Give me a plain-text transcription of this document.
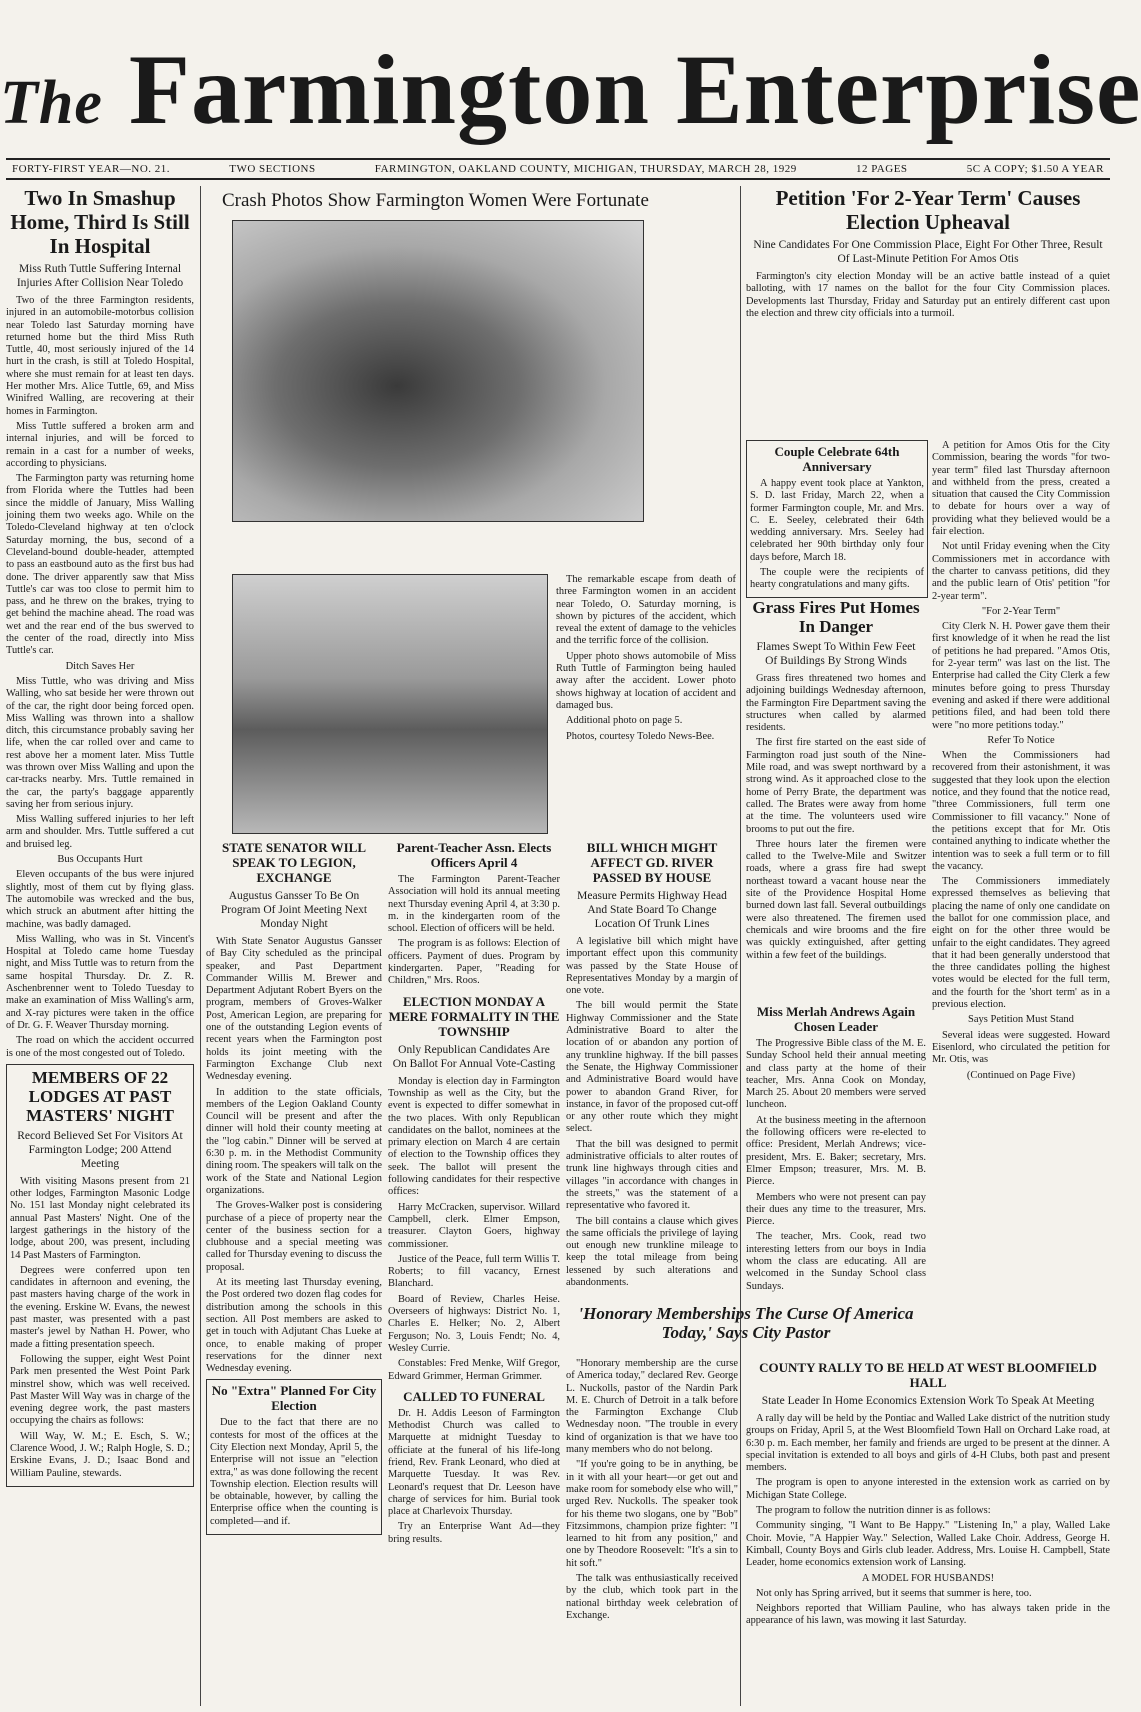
The Farmington Enterprise
FORTY-FIRST YEAR—NO. 21.	TWO SECTIONS	FARMINGTON, OAKLAND COUNTY, MICHIGAN, THURSDAY, MARCH 28, 1929	12 PAGES	5C A COPY; $1.50 A YEAR
Two In Smashup Home, Third Is Still In Hospital
Miss Ruth Tuttle Suffering Internal Injuries After Collision Near Toledo

Two of the three Farmington residents, injured in an automobile-motorbus collision near Toledo last Saturday morning have returned home but the third Miss Ruth Tuttle, 40, most seriously injured of the 14 hurt in the crash, is still at Toledo Hospital, where she must remain for at least ten days. Her mother Mrs. Alice Tuttle, 69, and Miss Winifred Walling, are recovering at their homes in Farmington.

Miss Tuttle suffered a broken arm and internal injuries, and will be forced to remain in a cast for a number of weeks, according to physicians.

The Farmington party was returning home from Florida where the Tuttles had been since the middle of January, Miss Walling joining them two weeks ago. While on the Toledo-Cleveland highway at ten o'clock Saturday morning, the bus, second of a Cleveland-bound double-header, attempted to pass an eastbound auto as the first bus had done. The driver apparently saw that Miss Tuttle's car was too close to permit him to pass, and he threw on the brakes, trying to get behind the machine ahead. The road was wet and the rear end of the bus swerved to the center of the road, directly into Miss Tuttle's car.

Ditch Saves Her

Miss Tuttle, who was driving and Miss Walling, who sat beside her were thrown out of the car, the right door being forced open. Miss Walling was thrown into a shallow ditch, this circumstance probably saving her life, when the car rolled over and came to rest above her a moment later. Miss Tuttle was thrown over Miss Walling and upon the car-tracks nearby. Mrs. Tuttle remained in the car, the party's baggage apparently saving her from serious injury.

Miss Walling suffered injuries to her left arm and shoulder. Mrs. Tuttle suffered a cut and bruised leg.

Bus Occupants Hurt

Eleven occupants of the bus were injured slightly, most of them cut by flying glass. The automobile was wrecked and the bus, which struck an abutment after hitting the machine, was badly damaged.

Miss Walling, who was in St. Vincent's Hospital at Toledo came home Tuesday night, and Miss Tuttle was to return from the same hospital Thursday. Dr. Z. R. Aschenbrenner went to Toledo Tuesday to make an examination of Miss Walling's arm, and X-ray pictures were taken in the office of Dr. G. F. Weaver Thursday morning.

The road on which the accident occurred is one of the most congested out of Toledo.

MEMBERS OF 22 LODGES AT PAST MASTERS' NIGHT
Record Believed Set For Visitors At Farmington Lodge; 200 Attend Meeting

With visiting Masons present from 21 other lodges, Farmington Masonic Lodge No. 151 last Monday night celebrated its annual Past Masters' Night. One of the largest gatherings in the history of the lodge, about 200, was present, including 14 Past Masters of Farmington.

Degrees were conferred upon ten candidates in afternoon and evening, the past masters having charge of the work in the evening. Erskine W. Evans, the newest past master, was presented with a past master's jewel by Nathan H. Power, who made a fitting presentation speech.

Following the supper, eight West Point Park men presented the West Point Park minstrel show, which was well received. Past Master Will Way was in charge of the evening degree work, the past masters occupying the chairs as follows:

Will Way, W. M.; E. Esch, S. W.; Clarence Wood, J. W.; Ralph Hogle, S. D.; Erskine Evans, J. D.; Isaac Bond and William Pauline, stewards.

Crash Photos Show Farmington Women Were Fortunate

The remarkable escape from death of three Farmington women in an accident near Toledo, O. Saturday morning, is shown by pictures of the accident, which reveal the extent of damage to the vehicles and the terrific force of the collision.

Upper photo shows automobile of Miss Ruth Tuttle of Farmington being hauled away after the accident. Lower photo shows highway at location of accident and damaged bus.

Additional photo on page 5.

Photos, courtesy Toledo News-Bee.

Petition 'For 2-Year Term' Causes Election Upheaval
Nine Candidates For One Commission Place, Eight For Other Three, Result Of Last-Minute Petition For Amos Otis

Farmington's city election Monday will be an active battle instead of a quiet balloting, with 17 names on the ballot for the four City Commission places. Developments last Thursday, Friday and Saturday put an entirely different cast upon the election and threw city officials into a turmoil.

Couple Celebrate 64th Anniversary

A happy event took place at Yankton, S. D. last Friday, March 22, when a former Farmington couple, Mr. and Mrs. C. E. Seeley, celebrated their 64th wedding anniversary. Mrs. Seeley had celebrated her 90th birthday only four days before, March 18.

The couple were the recipients of hearty congratulations and many gifts.

Grass Fires Put Homes In Danger
Flames Swept To Within Few Feet Of Buildings By Strong Winds

Grass fires threatened two homes and adjoining buildings Wednesday afternoon, the Farmington Fire Department saving the structures when called by alarmed residents.

The first fire started on the east side of Farmington road just south of the Nine-Mile road, and was swept northward by a strong wind. As it approached close to the home of Perry Brate, the department was called. The Brates were away from home at the time. The volunteers used wire brooms to put out the fire.

Three hours later the firemen were called to the Twelve-Mile and Switzer roads, where a grass fire had swept northeast toward a vacant house near the site of the Providence Hospital Home burned down last fall. Several outbuildings were also threatened. The firemen used chemicals and wire brooms and the fire was quickly extinguished, after getting within a few feet of the buildings.

Miss Merlah Andrews Again Chosen Leader

The Progressive Bible class of the M. E. Sunday School held their annual meeting and class party at the home of their teacher, Mrs. Anna Cook on Monday, March 25. About 20 members were served luncheon.

At the business meeting in the afternoon the following officers were re-elected to office: President, Merlah Andrews; vice-president, Mrs. E. Baker; secretary, Mrs. Elmer Empson; treasurer, Mrs. M. B. Pierce.

Members who were not present can pay their dues any time to the treasurer, Mrs. Pierce.

The teacher, Mrs. Cook, read two interesting letters from our boys in India whom the class are educating. All are welcomed in the Sunday School class Sundays.

A petition for Amos Otis for the City Commission, bearing the words "for two-year term" filed last Thursday afternoon and withheld from the press, created a situation that caused the City Commission to debate for hours over a way of providing what they believed would be a fair election.

Not until Friday evening when the City Commissioners met in accordance with the charter to canvass petitions, did they and the public learn of Otis' petition "for 2-year term".

"For 2-Year Term"

City Clerk N. H. Power gave them their first knowledge of it when he read the list of petitions he had prepared. "Amos Otis, for 2-year term" was last on the list. The Enterprise had called the City Clerk a few minutes before going to press Thursday evening and asked if there were additional petitions filed, and had been told there were "no more petitions today."

Refer To Notice

When the Commissioners had recovered from their astonishment, it was suggested that they look upon the election notice, and they found that the notice read, "three Commissioners, full term one Commissioner to fill vacancy." None of the petitions except that for Mr. Otis contained anything to indicate whether the intention was to seek a full term or to fill the vacancy.

The Commissioners immediately expressed themselves as believing that placing the name of only one candidate on the ballot for one commission place, and eight on for the other three would be unfair to the eight candidates. They agreed that it had been generally understood that the three candidates polling the highest votes would be elected for the full term, and the fourth for the 'short term' as in a previous election.

Says Petition Must Stand

Several ideas were suggested. Howard Eisenlord, who circulated the petition for Mr. Otis, was

(Continued on Page Five)
COUNTY RALLY TO BE HELD AT WEST BLOOMFIELD HALL
State Leader In Home Economics Extension Work To Speak At Meeting

A rally day will be held by the Pontiac and Walled Lake district of the nutrition study groups on Friday, April 5, at the West Bloomfield Town Hall on Orchard Lake road, at 6:30 p. m. Each member, her family and friends are urged to be present at the dinner. A special invitation is extended to all boys and girls of 4-H Clubs, both past and present members.

The program is open to anyone interested in the extension work as carried on by Michigan State College.

The program to follow the nutrition dinner is as follows:

Community singing, "I Want to Be Happy." "Listening In," a play, Walled Lake Choir. Movie, "A Happier Way." Selection, Walled Lake Choir. Address, George H. Kimball, County Boys and Girls club leader. Address, Mrs. Louise H. Campbell, State Leader, home economics extension work of Lansing.

A MODEL FOR HUSBANDS!

Not only has Spring arrived, but it seems that summer is here, too.

Neighbors reported that William Pauline, who has always taken pride in the appearance of his lawn, was mowing it last Saturday.

STATE SENATOR WILL SPEAK TO LEGION, EXCHANGE
Augustus Gansser To Be On Program Of Joint Meeting Next Monday Night

With State Senator Augustus Gansser of Bay City scheduled as the principal speaker, and Past Department Commander Willis M. Brewer and Department Adjutant Robert Byers on the program, members of Groves-Walker Post, American Legion, are preparing for one of the outstanding Legion events of recent years when the Farmington post holds its joint meeting with the Farmington Exchange Club next Wednesday evening.

In addition to the state officials, members of the Legion Oakland County Council will be present and after the dinner will hold their county meeting at the "log cabin." Dinner will be served at 6:30 p. m. in the Methodist Community dining room. The speakers will talk on the work of the State and National Legion organizations.

The Groves-Walker post is considering purchase of a piece of property near the center of the business section for a clubhouse and a special meeting was called for Thursday evening to discuss the proposal.

At its meeting last Thursday evening, the Post ordered two dozen flag codes for distribution among the schools in this section. All Post members are asked to get in touch with Adjutant Chas Lueke at once, to enable making of proper reservations for the dinner next Wednesday evening.

No "Extra" Planned For City Election

Due to the fact that there are no contests for most of the offices at the City Election next Monday, April 5, the Enterprise will not issue an "election extra," as was done following the recent Township election. Election results will be obtainable, however, by calling the Enterprise office when the counting is completed—and if.

Parent-Teacher Assn. Elects Officers April 4

The Farmington Parent-Teacher Association will hold its annual meeting next Thursday evening April 4, at 3:30 p. m. in the kindergarten room of the school. Election of officers will be held.

The program is as follows: Election of officers. Payment of dues. Program by kindergarten. Paper, "Reading for Children," Mrs. Roos.

ELECTION MONDAY A MERE FORMALITY IN THE TOWNSHIP
Only Republican Candidates Are On Ballot For Annual Vote-Casting

Monday is election day in Farmington Township as well as the City, but the event is expected to differ somewhat in the two places. With only Republican candidates on the ballot, nominees at the primary election on March 4 are certain of election to the Township offices they seek. The ballot will present the following candidates for their respective offices:

Harry McCracken, supervisor. Willard Campbell, clerk. Elmer Empson, treasurer. Clayton Goers, highway commissioner.

Justice of the Peace, full term Willis T. Roberts; to fill vacancy, Ernest Blanchard.

Board of Review, Charles Heise. Overseers of highways: District No. 1, Charles E. Helker; No. 2, Albert Ferguson; No. 3, Louis Fendt; No. 4, Wesley Currie.

Constables: Fred Menke, Wilf Gregor, Edward Grimmer, Herman Grimmer.

CALLED TO FUNERAL

Dr. H. Addis Leeson of Farmington Methodist Church was called to Marquette at midnight Tuesday to officiate at the funeral of his life-long friend, Rev. Frank Leonard, who died at Marquette Tuesday. It was Rev. Leonard's request that Dr. Leeson have charge of services for him. Burial took place at Charlevoix Thursday.

Try an Enterprise Want Ad—they bring results.

BILL WHICH MIGHT AFFECT GD. RIVER PASSED BY HOUSE
Measure Permits Highway Head And State Board To Change Location Of Trunk Lines

A legislative bill which might have important effect upon this community was passed by the State House of Representatives Monday by a margin of one vote.

The bill would permit the State Highway Commissioner and the State Administrative Board to alter the location of or abandon any portion of any trunkline highway. If the bill passes the Senate, the Highway Commissioner and Administrative Board would have power to abandon Grand River, for instance, in favor of the proposed cut-off or any other route which they might select.

That the bill was designed to permit administrative officials to alter routes of trunk line highways through cities and villages "in accordance with changes in the streets," was the statement of a representative who favored it.

The bill contains a clause which gives the same officials the privilege of laying out enough new trunkline mileage to keep the total mileage from being lessened by such alterations and abandonments.

'Honorary Memberships The Curse Of America Today,' Says City Pastor

"Honorary membership are the curse of America today," declared Rev. George L. Nuckolls, pastor of the Nardin Park M. E. Church of Detroit in a talk before the Farmington Exchange Club Wednesday noon. "The trouble in every kind of organization is that we have too many members who do not belong.

"If you're going to be in anything, be in it with all your heart—or get out and make room for somebody else who will," urged Rev. Nuckolls. The speaker took for his theme two slogans, one by "Bob" Fitzsimmons, champion prize fighter: "I learned to hit from any position," and one by Theodore Roosevelt: "It's a sin to hit soft."

The talk was enthusiastically received by the club, which took part in the national birthday week celebration of Exchange.
